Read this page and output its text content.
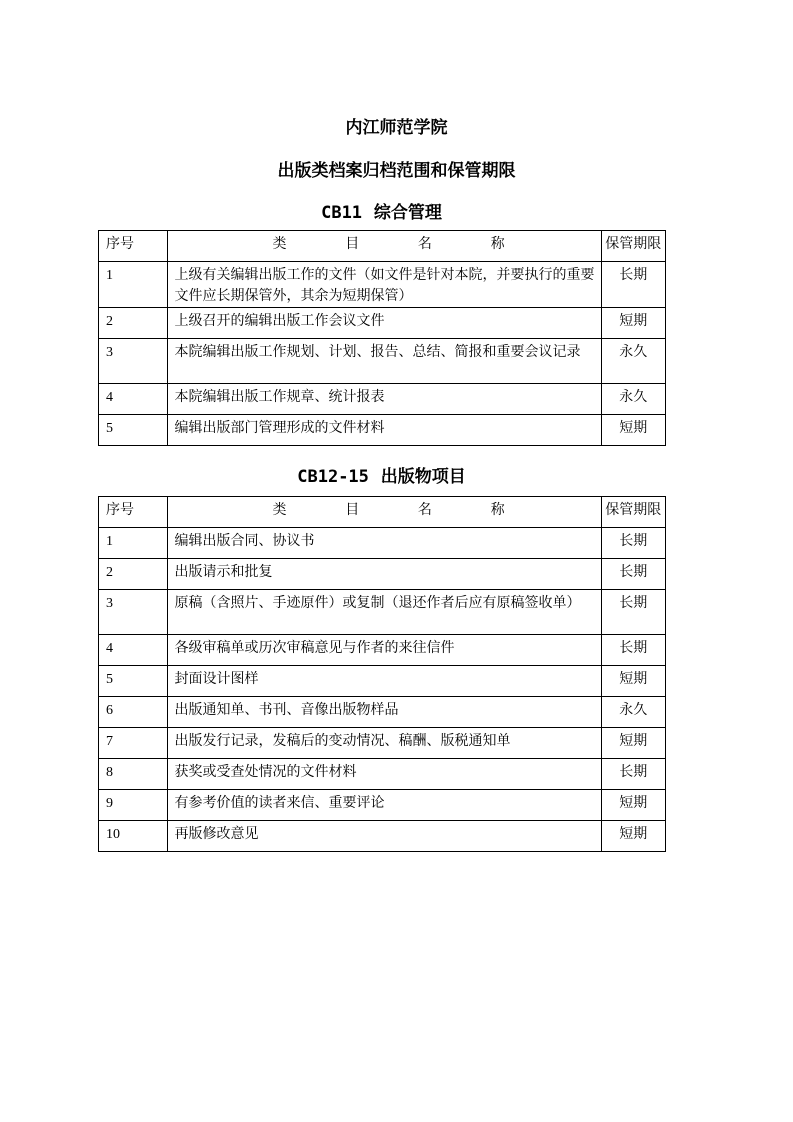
内江师范学院
出版类档案归档范围和保管期限
CB11 综合管理
序号	类 目 名 称	保管期限
1	上级有关编辑出版工作的文件（如文件是针对本院，并要执行的重要文件应长期保管外，其余为短期保管）	长期
2	上级召开的编辑出版工作会议文件	短期
3	本院编辑出版工作规划、计划、报告、总结、简报和重要会议记录	永久
4	本院编辑出版工作规章、统计报表	永久
5	编辑出版部门管理形成的文件材料	短期
CB12-15 出版物项目
序号	类 目 名 称	保管期限
1	编辑出版合同、协议书	长期
2	出版请示和批复	长期
3	原稿（含照片、手迹原件）或复制（退还作者后应有原稿签收单）	长期
4	各级审稿单或历次审稿意见与作者的来往信件	长期
5	封面设计图样	短期
6	出版通知单、书刊、音像出版物样品	永久
7	出版发行记录，发稿后的变动情况、稿酬、版税通知单	短期
8	获奖或受查处情况的文件材料	长期
9	有参考价值的读者来信、重要评论	短期
10	再版修改意见	短期
